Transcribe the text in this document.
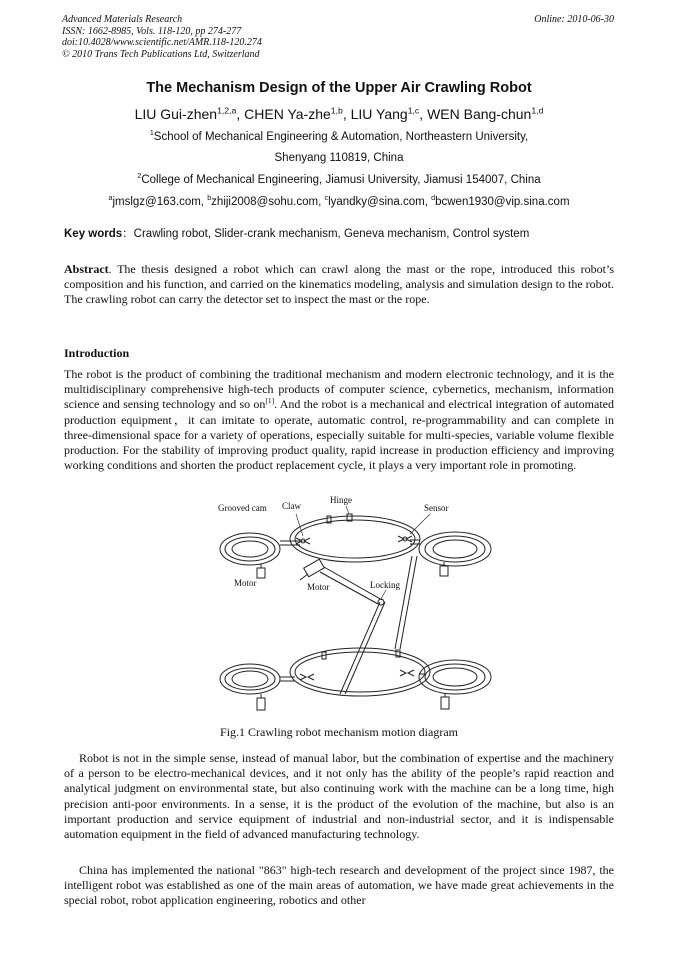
Advanced Materials Research
ISSN: 1662-8985, Vols. 118-120, pp 274-277
doi:10.4028/www.scientific.net/AMR.118-120.274
© 2010 Trans Tech Publications Ltd, Switzerland
Online: 2010-06-30
The Mechanism Design of the Upper Air Crawling Robot
LIU Gui-zhen$^{1,2,a}$, CHEN Ya-zhe$^{1,b}$, LIU Yang$^{1,c}$, WEN Bang-chun$^{1,d}$
$^1$School of Mechanical Engineering & Automation, Northeastern University,
Shenyang 110819, China
$^2$College of Mechanical Engineering, Jiamusi University, Jiamusi 154007, China
$^a$jmslgz@163.com, $^b$zhiji2008@sohu.com, $^c$lyandky@sina.com, $^d$bcwen1930@vip.sina.com
Key words：Crawling robot, Slider-crank mechanism, Geneva mechanism, Control system
Abstract. The thesis designed a robot which can crawl along the mast or the rope, introduced this robot’s composition and his function, and carried on the kinematics modeling, analysis and simulation design to the robot. The crawling robot can carry the detector set to inspect the mast or the rope.
Introduction
The robot is the product of combining the traditional mechanism and modern electronic technology, and it is the multidisciplinary comprehensive high-tech products of computer science, cybernetics, mechanism, information science and sensing technology and so on[1]. And the robot is a mechanical and electrical integration of automated production equipment，it can imitate to operate, automatic control, re-programmability and can complete in three-dimensional space for a variety of operations, especially suitable for multi-species, variable volume flexible production. For the stability of improving product quality, rapid increase in production efficiency and improving working conditions and shorten the product replacement cycle, it plays a very important role in promoting.
Grooved cam Claw
Hinge
Sensor
Motor	Motor	Locking
Fig.1 Crawling robot mechanism motion diagram
Robot is not in the simple sense, instead of manual labor, but the combination of expertise and the machinery of a person to be electro-mechanical devices, and it not only has the ability of the people’s rapid reaction and analytical judgment on environmental state, but also continuing work with the machine can be a long time, high precision anti-poor environments. In a sense, it is the product of the evolution of the machine, but also is an important production and service equipment of industrial and non-industrial sector, and it is indispensable automation equipment in the field of advanced manufacturing technology.
China has implemented the national "863" high-tech research and development of the project since 1987, the intelligent robot was established as one of the main areas of automation, we have made great achievements in the special robot, robot application engineering, robotics and other
